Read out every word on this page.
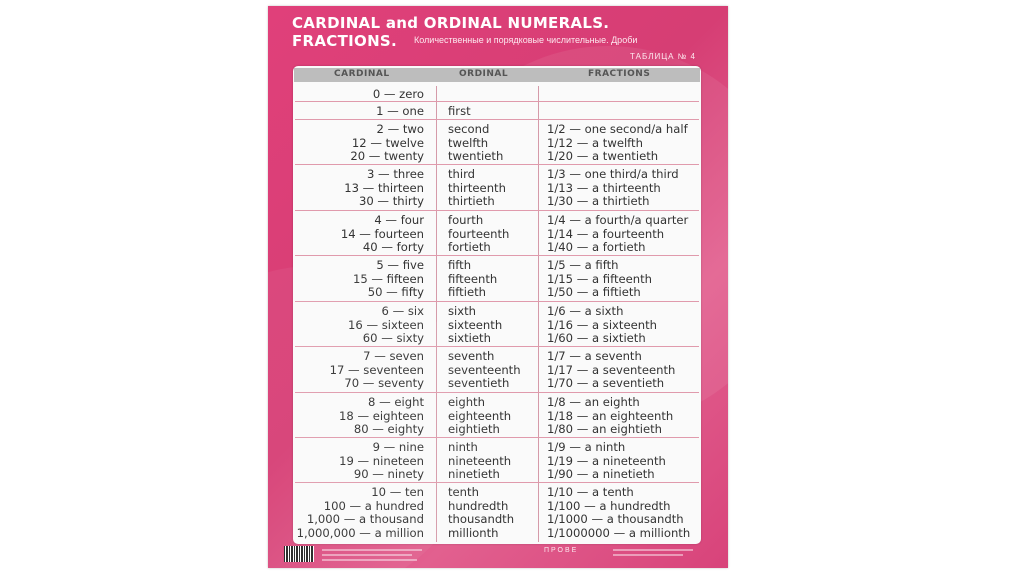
CARDINAL and ORDINAL NUMERALS.
FRACTIONS. Количественные и порядковые числительные. Дроби
ТАБЛИЦА № 4
CARDINAL	ORDINAL	FRACTIONS
0 — zero
1 — one first
2 — two
12 — twelve
20 — twenty
second
twelfth
twentieth
1/2 — one second/a half
1/12 — a twelfth
1/20 — a twentieth
3 — three
13 — thirteen
30 — thirty
third
thirteenth
thirtieth
1/3 — one third/a third
1/13 — a thirteenth
1/30 — a thirtieth
4 — four
14 — fourteen
40 — forty
fourth
fourteenth
fortieth
1/4 — a fourth/a quarter
1/14 — a fourteenth
1/40 — a fortieth
5 — five
15 — fifteen
50 — fifty
fifth
fifteenth
fiftieth
1/5 — a fifth
1/15 — a fifteenth
1/50 — a fiftieth
6 — six
16 — sixteen
60 — sixty
sixth
sixteenth
sixtieth
1/6 — a sixth
1/16 — a sixteenth
1/60 — a sixtieth
7 — seven
17 — seventeen
70 — seventy
seventh
seventeenth
seventieth
1/7 — a seventh
1/17 — a seventeenth
1/70 — a seventieth
8 — eight
18 — eighteen
80 — eighty
eighth
eighteenth
eightieth
1/8 — an eighth
1/18 — an eighteenth
1/80 — an eightieth
9 — nine
19 — nineteen
90 — ninety
ninth
nineteenth
ninetieth
1/9 — a ninth
1/19 — a nineteenth
1/90 — a ninetieth
10 — ten
100 — a hundred
1,000 — a thousand
1,000,000 — a million
tenth
hundredth
thousandth
millionth
1/10 — a tenth
1/100 — a hundredth
1/1000 — a thousandth
1/1000000 — a millionth
ПРОВЕ
